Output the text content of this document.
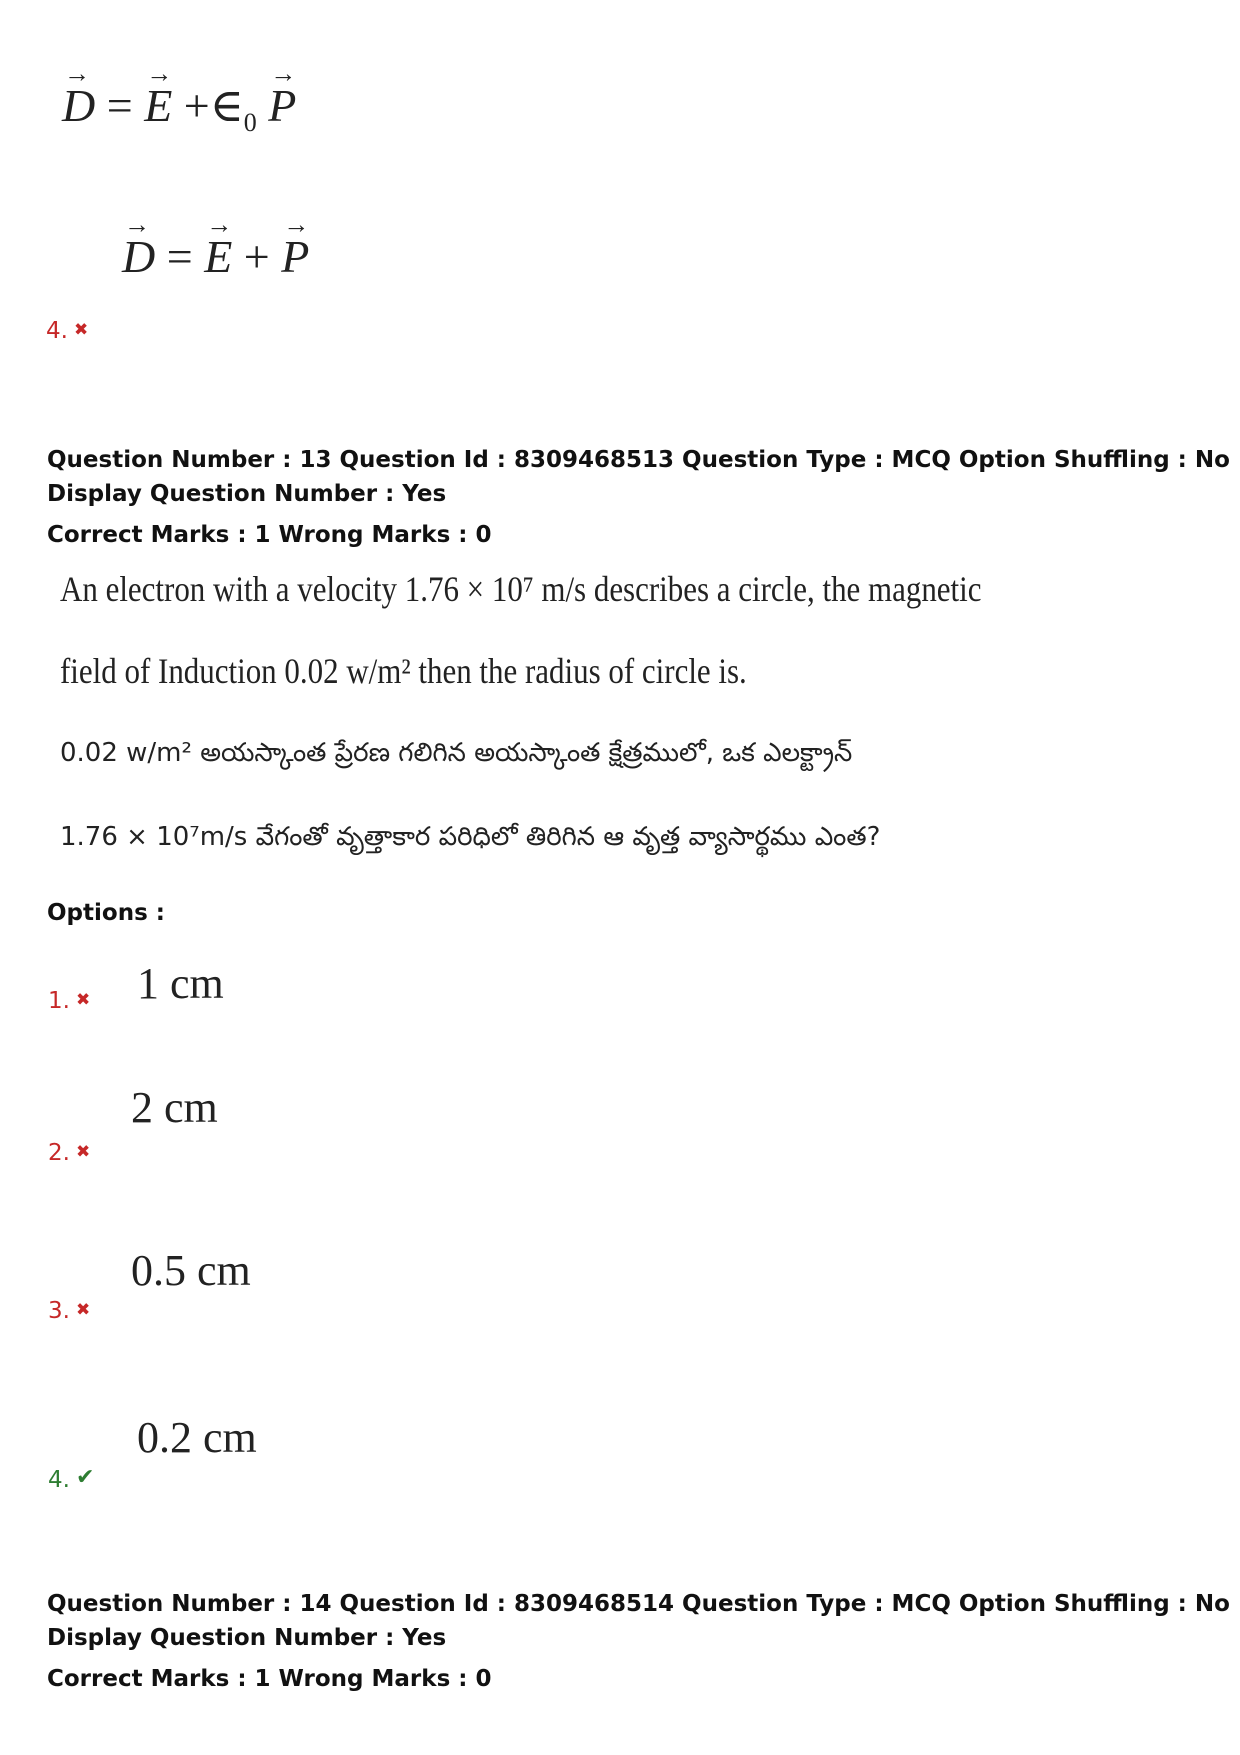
→ D = → $E +\in_0 \to P$
→ D = → E + → P
4. ✖
Question Number : 13 Question Id : 8309468513 Question Type : MCQ Option Shuffling : No
Display Question Number : Yes
Correct Marks : 1 Wrong Marks : 0
An electron with a velocity 1.76 × 10⁷ m/s describes a circle, the magnetic
field of Induction 0.02 w/m² then the radius of circle is.
0.02 w/m² అయస్కాంత ప్రేరణ గలిగిన అయస్కాంత క్షేత్రములో, ఒక ఎలక్ట్రాన్
1.76 × 10⁷m/s వేగంతో వృత్తాకార పరిధిలో తిరిగిన ఆ వృత్త వ్యాసార్థము ఎంత?
Options :
1 cm
1. ✖
2 cm
2. ✖
0.5 cm
3. ✖
0.2 cm
4. ✔
Question Number : 14 Question Id : 8309468514 Question Type : MCQ Option Shuffling : No
Display Question Number : Yes
Correct Marks : 1 Wrong Marks : 0
